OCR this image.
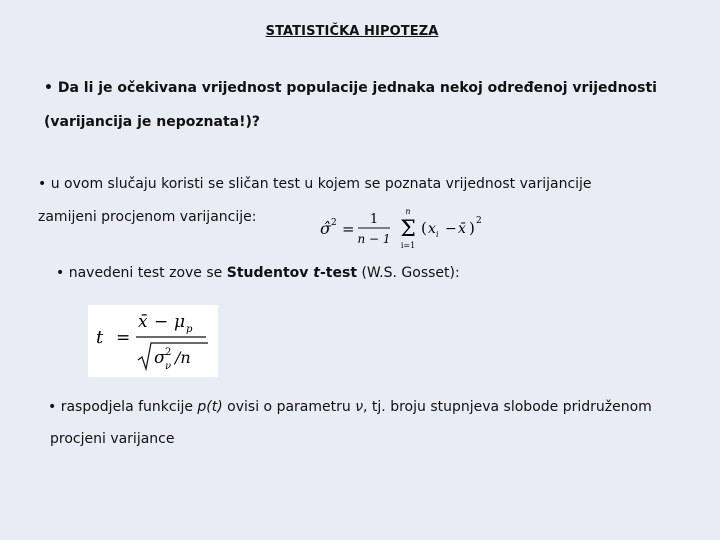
STATISTIČKA HIPOTEZA
• Da li je očekivana vrijednost populacije jednaka nekoj određenoj vrijednosti
(varijancija je nepoznata!)?
• u ovom slučaju koristi se sličan test u kojem se poznata vrijednost varijancije
zamijeni procjenom varijancije:
σ̂ 2 =
1
n − 1
n
Σ
i=1
( x i − x̄ ) 2
• navedeni test zove se Studentov t-test (W.S. Gosset):
t =
x̄ − μ p
σ 2
ν /n
• raspodjela funkcije p(t) ovisi o parametru ν, tj. broju stupnjeva slobode pridruženom
procjeni varijance
